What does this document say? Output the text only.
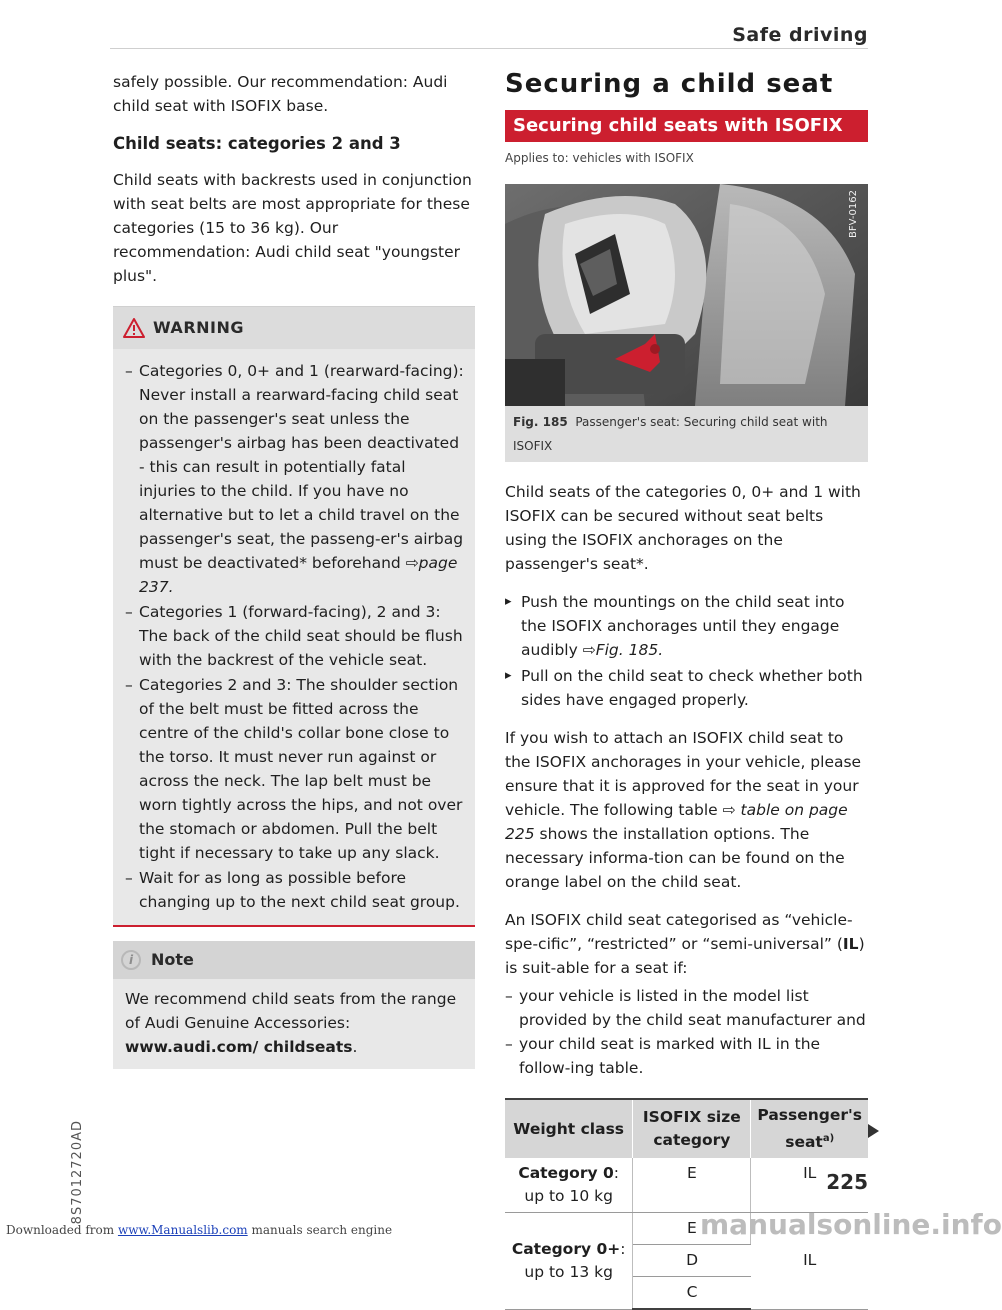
Safe driving

safely possible. Our recommendation: Audi child seat with ISOFIX base.

Child seats: categories 2 and 3

Child seats with backrests used in conjunction with seat belts are most appropriate for these categories (15 to 36 kg). Our recommendation: Audi child seat "youngster plus".

WARNING
– Categories 0, 0+ and 1 (rearward-facing): Never install a rearward-facing child seat on the passenger's seat unless the passenger's airbag has been deactivated - this can result in potentially fatal injuries to the child. If you have no alternative but to let a child travel on the passenger's seat, the passeng-er's airbag must be deactivated* beforehand ⇨page 237.
– Categories 1 (forward-facing), 2 and 3: The back of the child seat should be flush with the backrest of the vehicle seat.
– Categories 2 and 3: The shoulder section of the belt must be fitted across the centre of the child's collar bone close to the torso. It must never run against or across the neck. The lap belt must be worn tightly across the hips, and not over the stomach or abdomen. Pull the belt tight if necessary to take up any slack.
– Wait for as long as possible before changing up to the next child seat group.
i	Note
We recommend child seats from the range of Audi Genuine Accessories: www.audi.com/ childseats.
Securing a child seat
Securing child seats with ISOFIX
Applies to: vehicles with ISOFIX
BFV-0162
Fig. 185 Passenger's seat: Securing child seat with ISOFIX

Child seats of the categories 0, 0+ and 1 with ISOFIX can be secured without seat belts using the ISOFIX anchorages on the passenger's seat*.

▸ Push the mountings on the child seat into the ISOFIX anchorages until they engage audibly ⇨Fig. 185.
▸ Pull on the child seat to check whether both sides have engaged properly.

If you wish to attach an ISOFIX child seat to the ISOFIX anchorages in your vehicle, please ensure that it is approved for the seat in your vehicle. The following table ⇨ table on page 225 shows the installation options. The necessary informa-tion can be found on the orange label on the child seat.

An ISOFIX child seat categorised as “vehicle-spe-cific”, “restricted” or “semi-universal” (IL) is suit-able for a seat if:

– your vehicle is listed in the model list provided by the child seat manufacturer and
– your child seat is marked with IL in the follow-ing table.
Weight class	ISOFIX size category	Passenger's seat$^{a)}$
Category 0:
up to 10 kg	E	IL
Category 0+:
up to 13 kg	E	IL
	D	
	C	
225
8S7012720AD
manualsonline.info
Downloaded from www.Manualslib.com manuals search engine
